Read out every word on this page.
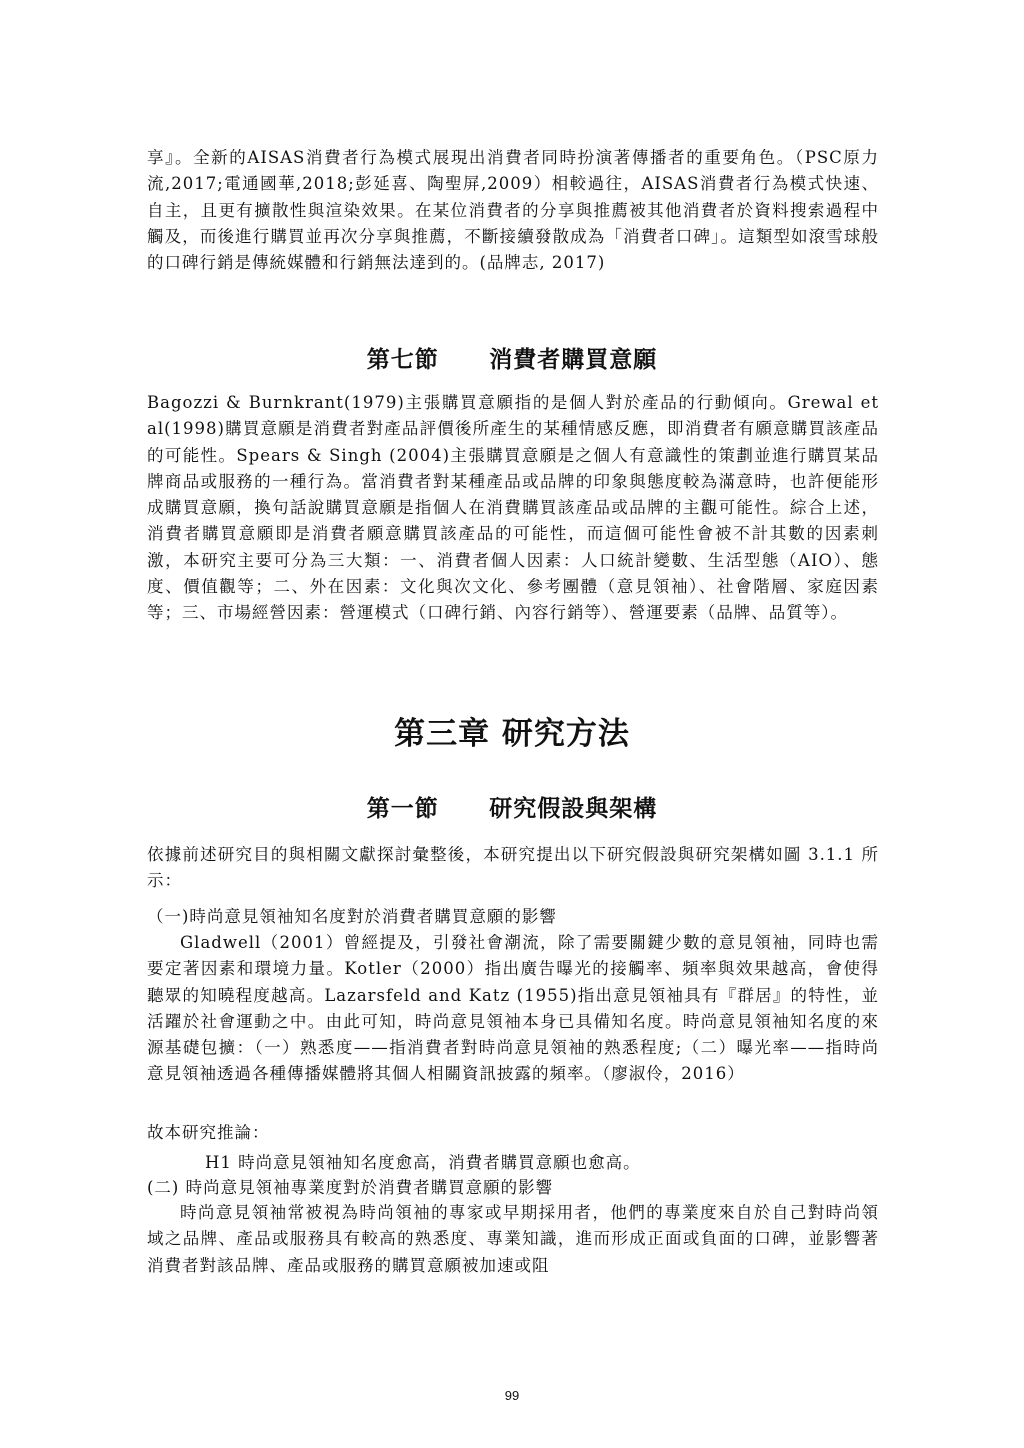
享』。全新的AISAS消費者行為模式展現出消費者同時扮演著傳播者的重要角色。（PSC原力流,2017;電通國華,2018;彭延喜、陶聖屏,2009）相較過往，AISAS消費者行為模式快速、自主，且更有擴散性與渲染效果。在某位消費者的分享與推薦被其他消費者於資料搜索過程中觸及，而後進行購買並再次分享與推薦，不斷接續發散成為「消費者口碑」。這類型如滾雪球般的口碑行銷是傳統媒體和行銷無法達到的。(品牌志, 2017)

第七節 消費者購買意願

Bagozzi & Burnkrant(1979)主張購買意願指的是個人對於產品的行動傾向。Grewal et al(1998)購買意願是消費者對產品評價後所產生的某種情感反應，即消費者有願意購買該產品的可能性。Spears & Singh (2004)主張購買意願是之個人有意識性的策劃並進行購買某品牌商品或服務的一種行為。當消費者對某種產品或品牌的印象與態度較為滿意時，也許便能形成購買意願，換句話說購買意願是指個人在消費購買該產品或品牌的主觀可能性。綜合上述，消費者購買意願即是消費者願意購買該產品的可能性，而這個可能性會被不計其數的因素刺激，本研究主要可分為三大類：一、消費者個人因素：人口統計變數、生活型態（AIO）、態度、價值觀等；二、外在因素：文化與次文化、參考團體（意見領袖）、社會階層、家庭因素等；三、市場經營因素：營運模式（口碑行銷、內容行銷等）、營運要素（品牌、品質等）。

第三章 研究方法
第一節 研究假設與架構

依據前述研究目的與相關文獻探討彙整後，本研究提出以下研究假設與研究架構如圖 3.1.1 所示：

（一)時尚意見領袖知名度對於消費者購買意願的影響

Gladwell（2001）曾經提及，引發社會潮流，除了需要關鍵少數的意見領袖，同時也需要定著因素和環境力量。Kotler（2000）指出廣告曝光的接觸率、頻率與效果越高，會使得聽眾的知曉程度越高。Lazarsfeld and Katz (1955)指出意見領袖具有『群居』的特性，並活躍於社會運動之中。由此可知，時尚意見領袖本身已具備知名度。時尚意見領袖知名度的來源基礎包擴：（一）熟悉度——指消費者對時尚意見領袖的熟悉程度;（二）曝光率——指時尚意見領袖透過各種傳播媒體將其個人相關資訊披露的頻率。（廖淑伶，2016）

故本研究推論：

H1 時尚意見領袖知名度愈高，消費者購買意願也愈高。

(二) 時尚意見領袖專業度對於消費者購買意願的影響

時尚意見領袖常被視為時尚領袖的專家或早期採用者，他們的專業度來自於自己對時尚領域之品牌、產品或服務具有較高的熟悉度、專業知識，進而形成正面或負面的口碑，並影響著消費者對該品牌、產品或服務的購買意願被加速或阻

99
